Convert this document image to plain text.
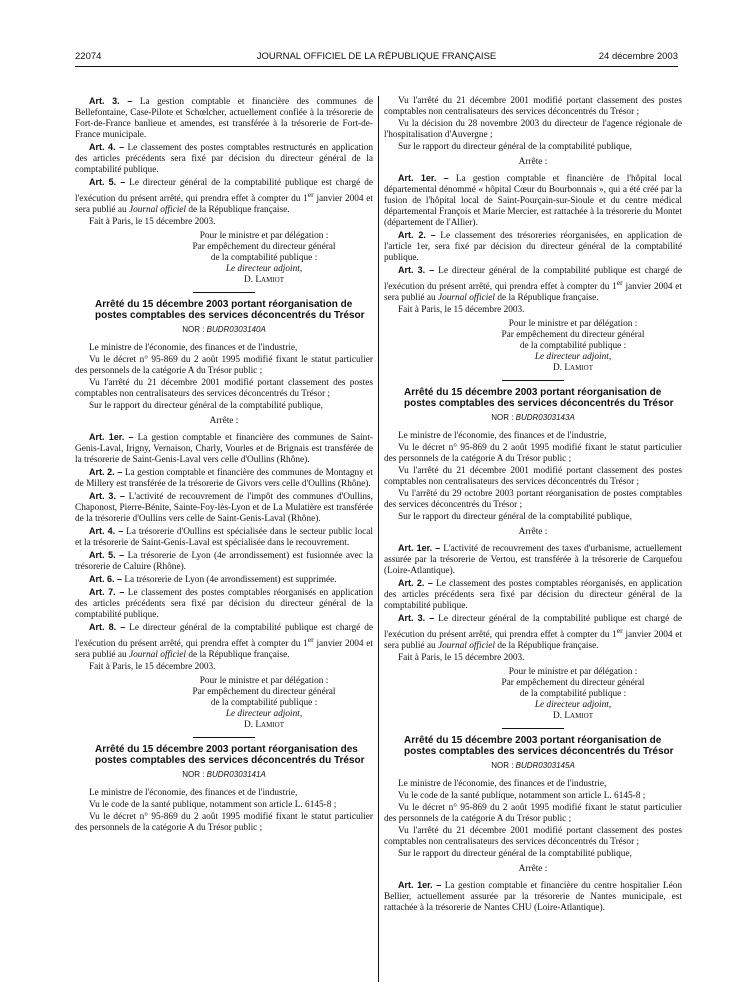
22074	JOURNAL OFFICIEL DE LA RÉPUBLIQUE FRANÇAISE	24 décembre 2003

Art. 3. – La gestion comptable et financière des communes de Bellefontaine, Case-Pilote et Schœlcher, actuellement confiée à la trésorerie de Fort-de-France banlieue et amendes, est transférée à la trésorerie de Fort-de-France municipale.

Art. 4. – Le classement des postes comptables restructurés en application des articles précédents sera fixé par décision du directeur général de la comptabilité publique.

Art. 5. – Le directeur général de la comptabilité publique est chargé de l'exécution du présent arrêté, qui prendra effet à compter du 1er janvier 2004 et sera publié au Journal officiel de la République française.

Fait à Paris, le 15 décembre 2003.

Pour le ministre et par délégation :
Par empêchement du directeur général
de la comptabilité publique :
Le directeur adjoint,
D. Lamiot
Arrêté du 15 décembre 2003 portant réorganisation de postes comptables des services déconcentrés du Trésor
NOR : BUDR0303140A

Le ministre de l'économie, des finances et de l'industrie,

Vu le décret n° 95-869 du 2 août 1995 modifié fixant le statut particulier des personnels de la catégorie A du Trésor public ;

Vu l'arrêté du 21 décembre 2001 modifié portant classement des postes comptables non centralisateurs des services déconcentrés du Trésor ;

Sur le rapport du directeur général de la comptabilité publique,

Arrête :

Art. 1er. – La gestion comptable et financière des communes de Saint-Genis-Laval, Irigny, Vernaison, Charly, Vourles et de Brignais est transférée de la trésorerie de Saint-Genis-Laval vers celle d'Oullins (Rhône).

Art. 2. – La gestion comptable et financière des communes de Montagny et de Millery est transférée de la trésorerie de Givors vers celle d'Oullins (Rhône).

Art. 3. – L'activité de recouvrement de l'impôt des communes d'Oullins, Chaponost, Pierre-Bénite, Sainte-Foy-lès-Lyon et de La Mulatière est transférée de la trésorerie d'Oullins vers celle de Saint-Genis-Laval (Rhône).

Art. 4. – La trésorerie d'Oullins est spécialisée dans le secteur public local et la trésorerie de Saint-Genis-Laval est spécialisée dans le recouvrement.

Art. 5. – La trésorerie de Lyon (4e arrondissement) est fusionnée avec la trésorerie de Caluire (Rhône).

Art. 6. – La trésorerie de Lyon (4e arrondissement) est supprimée.

Art. 7. – Le classement des postes comptables réorganisés en application des articles précédents sera fixé par décision du directeur général de la comptabilité publique.

Art. 8. – Le directeur général de la comptabilité publique est chargé de l'exécution du présent arrêté, qui prendra effet à compter du 1er janvier 2004 et sera publié au Journal officiel de la République française.

Fait à Paris, le 15 décembre 2003.

Pour le ministre et par délégation :
Par empêchement du directeur général
de la comptabilité publique :
Le directeur adjoint,
D. Lamiot
Arrêté du 15 décembre 2003 portant réorganisation des postes comptables des services déconcentrés du Trésor
NOR : BUDR0303141A

Le ministre de l'économie, des finances et de l'industrie,

Vu le code de la santé publique, notamment son article L. 6145-8 ;

Vu le décret n° 95-869 du 2 août 1995 modifié fixant le statut particulier des personnels de la catégorie A du Trésor public ;

Vu l'arrêté du 21 décembre 2001 modifié portant classement des postes comptables non centralisateurs des services déconcentrés du Trésor ;

Vu la décision du 28 novembre 2003 du directeur de l'agence régionale de l'hospitalisation d'Auvergne ;

Sur le rapport du directeur général de la comptabilité publique,

Arrête :

Art. 1er. – La gestion comptable et financière de l'hôpital local départemental dénommé « hôpital Cœur du Bourbonnais », qui a été créé par la fusion de l'hôpital local de Saint-Pourçain-sur-Sioule et du centre médical départemental François et Marie Mercier, est rattachée à la trésorerie du Montet (département de l'Allier).

Art. 2. – Le classement des trésoreries réorganisées, en application de l'article 1er, sera fixé par décision du directeur général de la comptabilité publique.

Art. 3. – Le directeur général de la comptabilité publique est chargé de l'exécution du présent arrêté, qui prendra effet à compter du 1er janvier 2004 et sera publié au Journal officiel de la République française.

Fait à Paris, le 15 décembre 2003.

Pour le ministre et par délégation :
Par empêchement du directeur général
de la comptabilité publique :
Le directeur adjoint,
D. Lamiot
Arrêté du 15 décembre 2003 portant réorganisation de postes comptables des services déconcentrés du Trésor
NOR : BUDR0303143A

Le ministre de l'économie, des finances et de l'industrie,

Vu le décret n° 95-869 du 2 août 1995 modifié fixant le statut particulier des personnels de la catégorie A du Trésor public ;

Vu l'arrêté du 21 décembre 2001 modifié portant classement des postes comptables non centralisateurs des services déconcentrés du Trésor ;

Vu l'arrêté du 29 octobre 2003 portant réorganisation de postes comptables des services déconcentrés du Trésor ;

Sur le rapport du directeur général de la comptabilité publique,

Arrête :

Art. 1er. – L'activité de recouvrement des taxes d'urbanisme, actuellement assurée par la trésorerie de Vertou, est transférée à la trésorerie de Carquefou (Loire-Atlantique).

Art. 2. – Le classement des postes comptables réorganisés, en application des articles précédents sera fixé par décision du directeur général de la comptabilité publique.

Art. 3. – Le directeur général de la comptabilité publique est chargé de l'exécution du présent arrêté, qui prendra effet à compter du 1er janvier 2004 et sera publié au Journal officiel de la République française.

Fait à Paris, le 15 décembre 2003.

Pour le ministre et par délégation :
Par empêchement du directeur général
de la comptabilité publique :
Le directeur adjoint,
D. Lamiot
Arrêté du 15 décembre 2003 portant réorganisation de postes comptables des services déconcentrés du Trésor
NOR : BUDR0303145A

Le ministre de l'économie, des finances et de l'industrie,

Vu le code de la santé publique, notamment son article L. 6145-8 ;

Vu le décret n° 95-869 du 2 août 1995 modifié fixant le statut particulier des personnels de la catégorie A du Trésor public ;

Vu l'arrêté du 21 décembre 2001 modifié portant classement des postes comptables non centralisateurs des services déconcentrés du Trésor ;

Sur le rapport du directeur général de la comptabilité publique,

Arrête :

Art. 1er. – La gestion comptable et financière du centre hospitalier Léon Bellier, actuellement assurée par la trésorerie de Nantes municipale, est rattachée à la trésorerie de Nantes CHU (Loire-Atlantique).
